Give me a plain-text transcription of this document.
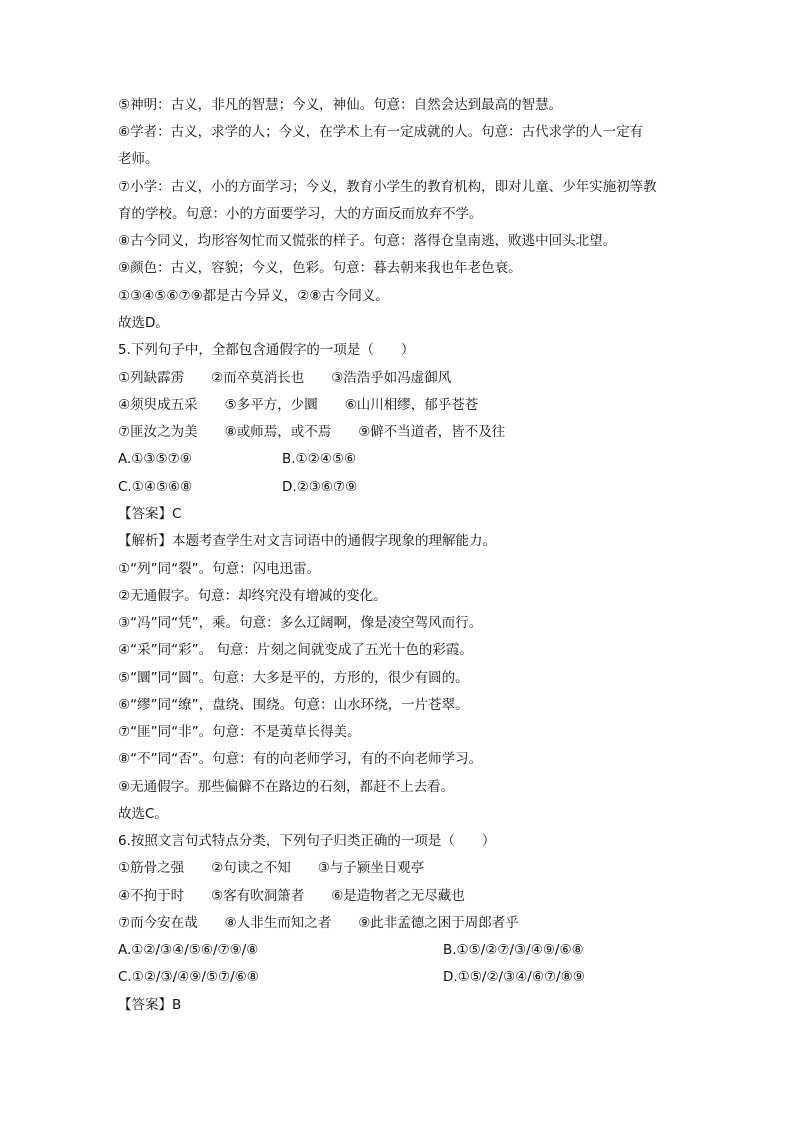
⑤神明：古义，非凡的智慧；今义，神仙。句意：自然会达到最高的智慧。
⑥学者：古义，求学的人；今义，在学术上有一定成就的人。句意：古代求学的人一定有
老师。
⑦小学：古义，小的方面学习；今义，教育小学生的教育机构，即对儿童、少年实施初等教
育的学校。句意：小的方面要学习，大的方面反而放弃不学。
⑧古今同义，均形容匆忙而又慌张的样子。句意：落得仓皇南逃，败逃中回头北望。
⑨颜色：古义，容貌；今义，色彩。句意：暮去朝来我也年老色衰。
①③④⑤⑥⑦⑨都是古今异义，②⑧古今同义。
故选D。
5.下列句子中，全都包含通假字的一项是（　　）
①列缺霹雳　　②而卒莫消长也　　③浩浩乎如冯虚御风
④须臾成五采　　⑤多平方，少圜　　⑥山川相缪，郁乎苍苍
⑦匪汝之为美　　⑧或师焉，或不焉　　⑨僻不当道者，皆不及往
A.①③⑤⑦⑨	B.①②④⑤⑥
C.①④⑤⑥⑧	D.②③⑥⑦⑨
【答案】C
【解析】本题考查学生对文言词语中的通假字现象的理解能力。
①“列”同“裂”。句意：闪电迅雷。
②无通假字。句意：却终究没有增减的变化。
③“冯”同“凭”，乘。句意：多么辽阔啊，像是凌空驾风而行。
④“采”同“彩”。 句意：片刻之间就变成了五光十色的彩霞。
⑤“圜”同“圆”。句意：大多是平的，方形的，很少有圆的。
⑥“缪”同“缭”，盘绕、围绕。句意：山水环绕，一片苍翠。
⑦“匪”同“非”。句意：不是荑草长得美。
⑧“不”同“否”。句意：有的向老师学习，有的不向老师学习。
⑨无通假字。那些偏僻不在路边的石刻，都赶不上去看。
故选C。
6.按照文言句式特点分类，下列句子归类正确的一项是（　　）
①筋骨之强　　②句读之不知　　③与子颍坐日观亭
④不拘于时　　⑤客有吹洞箫者　　⑥是造物者之无尽藏也
⑦而今安在哉　　⑧人非生而知之者　　⑨此非孟德之困于周郎者乎
A.①②/③④/⑤⑥/⑦⑨/⑧	B.①⑤/②⑦/③/④⑨/⑥⑧
C.①②/③/④⑨/⑤⑦/⑥⑧	D.①⑤/②/③④/⑥⑦/⑧⑨
【答案】B
